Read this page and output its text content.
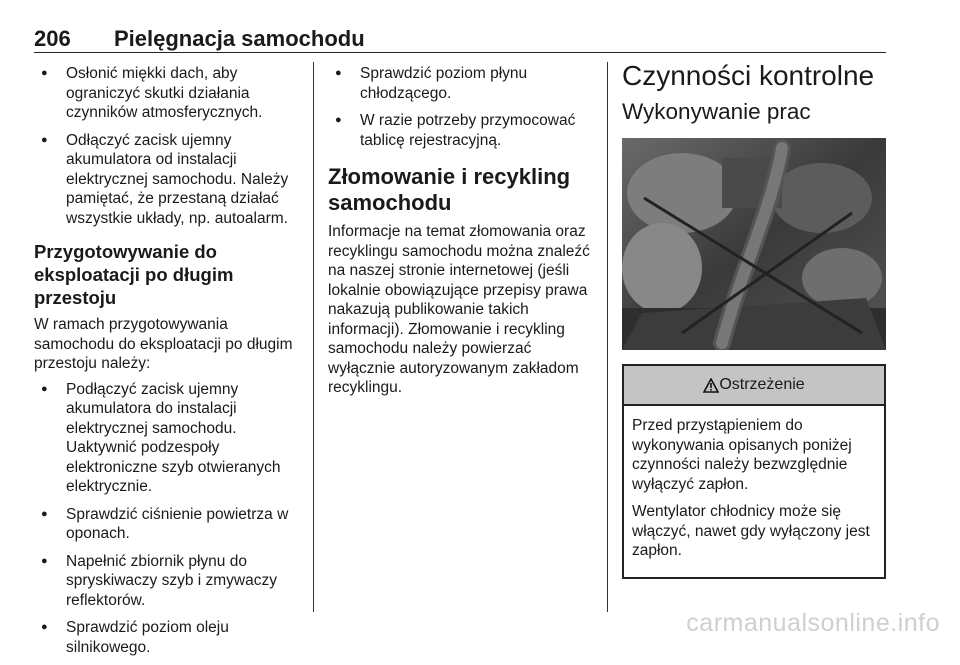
206 Pielęgnacja samochodu
● Osłonić miękki dach, aby ograniczyć skutki działania czynników atmosferycznych.
● Odłączyć zacisk ujemny akumulatora od instalacji elektrycznej samochodu. Należy pamiętać, że przestaną działać wszystkie układy, np. autoalarm.
Przygotowywanie do eksploatacji po długim przestoju

W ramach przygotowywania samochodu do eksploatacji po długim przestoju należy:

● Podłączyć zacisk ujemny akumulatora do instalacji elektrycznej samochodu. Uaktywnić podzespoły elektroniczne szyb otwieranych elektrycznie.
● Sprawdzić ciśnienie powietrza w oponach.
● Napełnić zbiornik płynu do spryskiwaczy szyb i zmywaczy reflektorów.
● Sprawdzić poziom oleju silnikowego.
● Sprawdzić poziom płynu chłodzącego.
● W razie potrzeby przymocować tablicę rejestracyjną.
Złomowanie i recykling samochodu

Informacje na temat złomowania oraz recyklingu samochodu można znaleźć na naszej stronie internetowej (jeśli lokalnie obowiązujące przepisy prawa nakazują publikowanie takich informacji). Złomowanie i recykling samochodu należy powierzać wyłącznie autoryzowanym zakładom recyklingu.

Czynności kontrolne
Wykonywanie prac
Ostrzeżenie

Przed przystąpieniem do wykonywania opisanych poniżej czynności należy bezwzględnie wyłączyć zapłon.

Wentylator chłodnicy może się włączyć, nawet gdy wyłączony jest zapłon.

carmanualsonline.info
